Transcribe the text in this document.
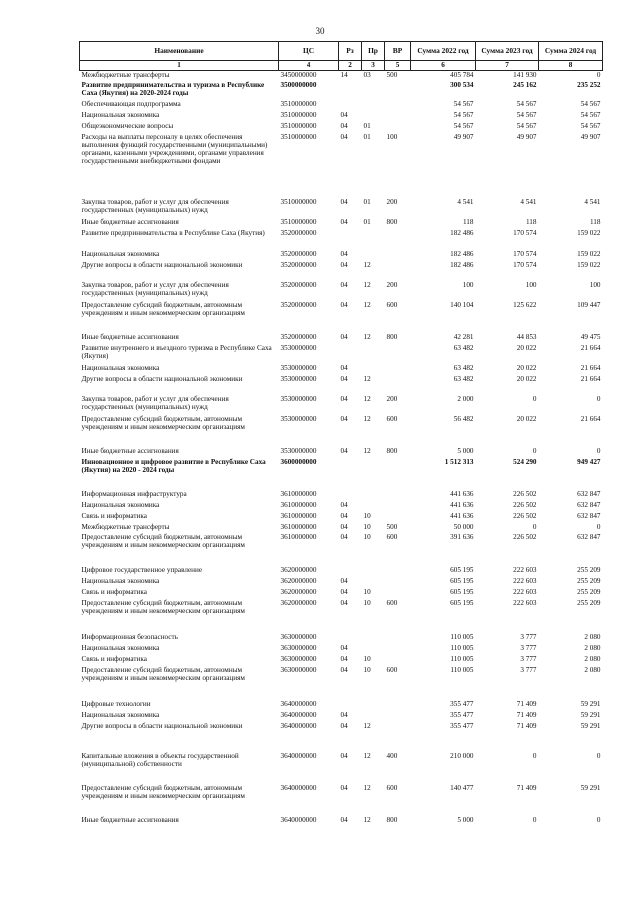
30
Наименование	ЦС	Рз	Пр	ВР	Сумма 2022 год	Сумма 2023 год	Сумма 2024 год
1	4	2	3	5	6	7	8
Межбюджетные трансферты	3450000000	14	03	500	405 784	141 930	0
Развитие предпринимательства и туризма в Республике Саха (Якутия) на 2020-2024 годы	3500000000				300 534	245 162	235 252
Обеспечивающая подпрограмма	3510000000				54 567	54 567	54 567
Национальная экономика	3510000000	04			54 567	54 567	54 567
Общеэкономические вопросы	3510000000	04	01		54 567	54 567	54 567
Расходы на выплаты персоналу в целях обеспечения выполнения функций государственными (муниципальными) органами, казенными учреждениями, органами управления государственными внебюджетными фондами	3510000000	04	01	100	49 907	49 907	49 907
Закупка товаров, работ и услуг для обеспечения государственных (муниципальных) нужд	3510000000	04	01	200	4 541	4 541	4 541
Иные бюджетные ассигнования	3510000000	04	01	800	118	118	118
Развитие предпринимательства в Республике Саха (Якутия)	3520000000				182 486	170 574	159 022
Национальная экономика	3520000000	04			182 486	170 574	159 022
Другие вопросы в области национальной экономики	3520000000	04	12		182 486	170 574	159 022
Закупка товаров, работ и услуг для обеспечения государственных (муниципальных) нужд	3520000000	04	12	200	100	100	100
Предоставление субсидий бюджетным, автономным учреждениям и иным некоммерческим организациям	3520000000	04	12	600	140 104	125 622	109 447
Иные бюджетные ассигнования	3520000000	04	12	800	42 281	44 853	49 475
Развитие внутреннего и въездного туризма в Республике Саха (Якутия)	3530000000				63 482	20 022	21 664
Национальная экономика	3530000000	04			63 482	20 022	21 664
Другие вопросы в области национальной экономики	3530000000	04	12		63 482	20 022	21 664
Закупка товаров, работ и услуг для обеспечения государственных (муниципальных) нужд	3530000000	04	12	200	2 000	0	0
Предоставление субсидий бюджетным, автономным учреждениям и иным некоммерческим организациям	3530000000	04	12	600	56 482	20 022	21 664
Иные бюджетные ассигнования	3530000000	04	12	800	5 000	0	0
Инновационное и цифровое развитие в Республике Саха (Якутия) на 2020 - 2024 годы	3600000000				1 512 313	524 290	949 427
Информационная инфраструктура	3610000000				441 636	226 502	632 847
Национальная экономика	3610000000	04			441 636	226 502	632 847
Связь и информатика	3610000000	04	10		441 636	226 502	632 847
Межбюджетные трансферты	3610000000	04	10	500	50 000	0	0
Предоставление субсидий бюджетным, автономным учреждениям и иным некоммерческим организациям	3610000000	04	10	600	391 636	226 502	632 847
Цифровое государственное управление	3620000000				605 195	222 603	255 209
Национальная экономика	3620000000	04			605 195	222 603	255 209
Связь и информатика	3620000000	04	10		605 195	222 603	255 209
Предоставление субсидий бюджетным, автономным учреждениям и иным некоммерческим организациям	3620000000	04	10	600	605 195	222 603	255 209
Информационная безопасность	3630000000				110 005	3 777	2 080
Национальная экономика	3630000000	04			110 005	3 777	2 080
Связь и информатика	3630000000	04	10		110 005	3 777	2 080
Предоставление субсидий бюджетным, автономным учреждениям и иным некоммерческим организациям	3630000000	04	10	600	110 005	3 777	2 080
Цифровые технологии	3640000000				355 477	71 409	59 291
Национальная экономика	3640000000	04			355 477	71 409	59 291
Другие вопросы в области национальной экономики	3640000000	04	12		355 477	71 409	59 291
Капитальные вложения в объекты государственной (муниципальной) собственности	3640000000	04	12	400	210 000	0	0
Предоставление субсидий бюджетным, автономным учреждениям и иным некоммерческим организациям	3640000000	04	12	600	140 477	71 409	59 291
Иные бюджетные ассигнования	3640000000	04	12	800	5 000	0	0
